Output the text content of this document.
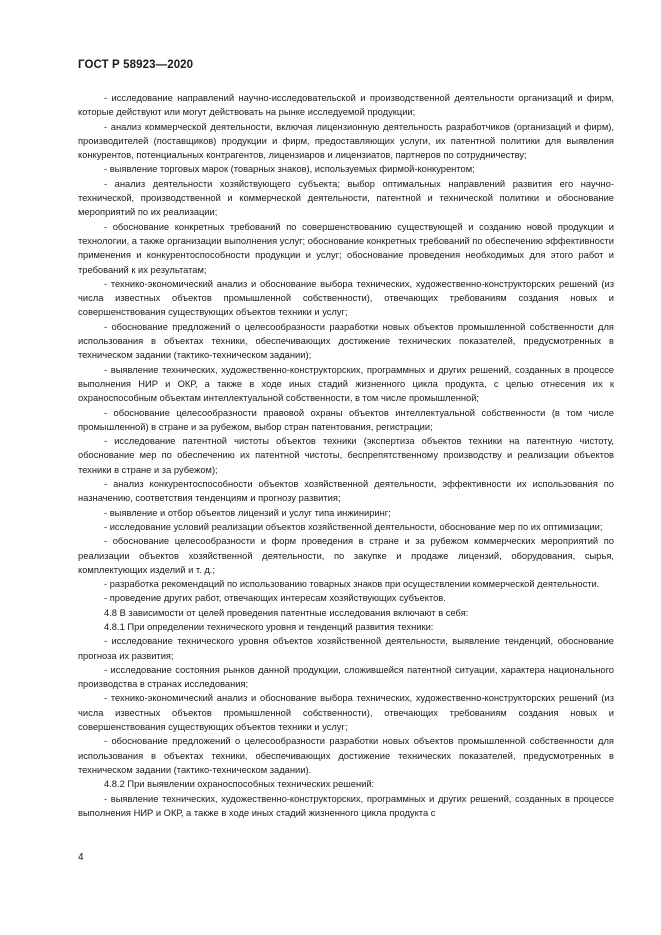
ГОСТ Р 58923—2020

- исследование направлений научно-исследовательской и производственной деятельности организаций и фирм, которые действуют или могут действовать на рынке исследуемой продукции;

- анализ коммерческой деятельности, включая лицензионную деятельность разработчиков (организаций и фирм), производителей (поставщиков) продукции и фирм, предоставляющих услуги, их патентной политики для выявления конкурентов, потенциальных контрагентов, лицензиаров и лицензиатов, партнеров по сотрудничеству;

- выявление торговых марок (товарных знаков), используемых фирмой-конкурентом;

- анализ деятельности хозяйствующего субъекта; выбор оптимальных направлений развития его научно-технической, производственной и коммерческой деятельности, патентной и технической политики и обоснование мероприятий по их реализации;

- обоснование конкретных требований по совершенствованию существующей и созданию новой продукции и технологии, а также организации выполнения услуг; обоснование конкретных требований по обеспечению эффективности применения и конкурентоспособности продукции и услуг; обоснование проведения необходимых для этого работ и требований к их результатам;

- технико-экономический анализ и обоснование выбора технических, художественно-конструкторских решений (из числа известных объектов промышленной собственности), отвечающих требованиям создания новых и совершенствования существующих объектов техники и услуг;

- обоснование предложений о целесообразности разработки новых объектов промышленной собственности для использования в объектах техники, обеспечивающих достижение технических показателей, предусмотренных в техническом задании (тактико-техническом задании);

- выявление технических, художественно-конструкторских, программных и других решений, созданных в процессе выполнения НИР и ОКР, а также в ходе иных стадий жизненного цикла продукта, с целью отнесения их к охраноспособным объектам интеллектуальной собственности, в том числе промышленной;

- обоснование целесообразности правовой охраны объектов интеллектуальной собственности (в том числе промышленной) в стране и за рубежом, выбор стран патентования, регистрации;

- исследование патентной чистоты объектов техники (экспертиза объектов техники на патентную чистоту, обоснование мер по обеспечению их патентной чистоты, беспрепятственному производству и реализации объектов техники в стране и за рубежом);

- анализ конкурентоспособности объектов хозяйственной деятельности, эффективности их использования по назначению, соответствия тенденциям и прогнозу развития;

- выявление и отбор объектов лицензий и услуг типа инжиниринг;

- исследование условий реализации объектов хозяйственной деятельности, обоснование мер по их оптимизации;

- обоснование целесообразности и форм проведения в стране и за рубежом коммерческих мероприятий по реализации объектов хозяйственной деятельности, по закупке и продаже лицензий, оборудования, сырья, комплектующих изделий и т. д.;

- разработка рекомендаций по использованию товарных знаков при осуществлении коммерческой деятельности.

- проведение других работ, отвечающих интересам хозяйствующих субъектов.

4.8 В зависимости от целей проведения патентные исследования включают в себя:

4.8.1 При определении технического уровня и тенденций развития техники:

- исследование технического уровня объектов хозяйственной деятельности, выявление тенденций, обоснование прогноза их развития;

- исследование состояния рынков данной продукции, сложившейся патентной ситуации, характера национального производства в странах исследования;

- технико-экономический анализ и обоснование выбора технических, художественно-конструкторских решений (из числа известных объектов промышленной собственности), отвечающих требованиям создания новых и совершенствования существующих объектов техники и услуг;

- обоснование предложений о целесообразности разработки новых объектов промышленной собственности для использования в объектах техники, обеспечивающих достижение технических показателей, предусмотренных в техническом задании (тактико-техническом задании).

4.8.2 При выявлении охраноспособных технических решений:

- выявление технических, художественно-конструкторских, программных и других решений, созданных в процессе выполнения НИР и ОКР, а также в ходе иных стадий жизненного цикла продукта с

4
